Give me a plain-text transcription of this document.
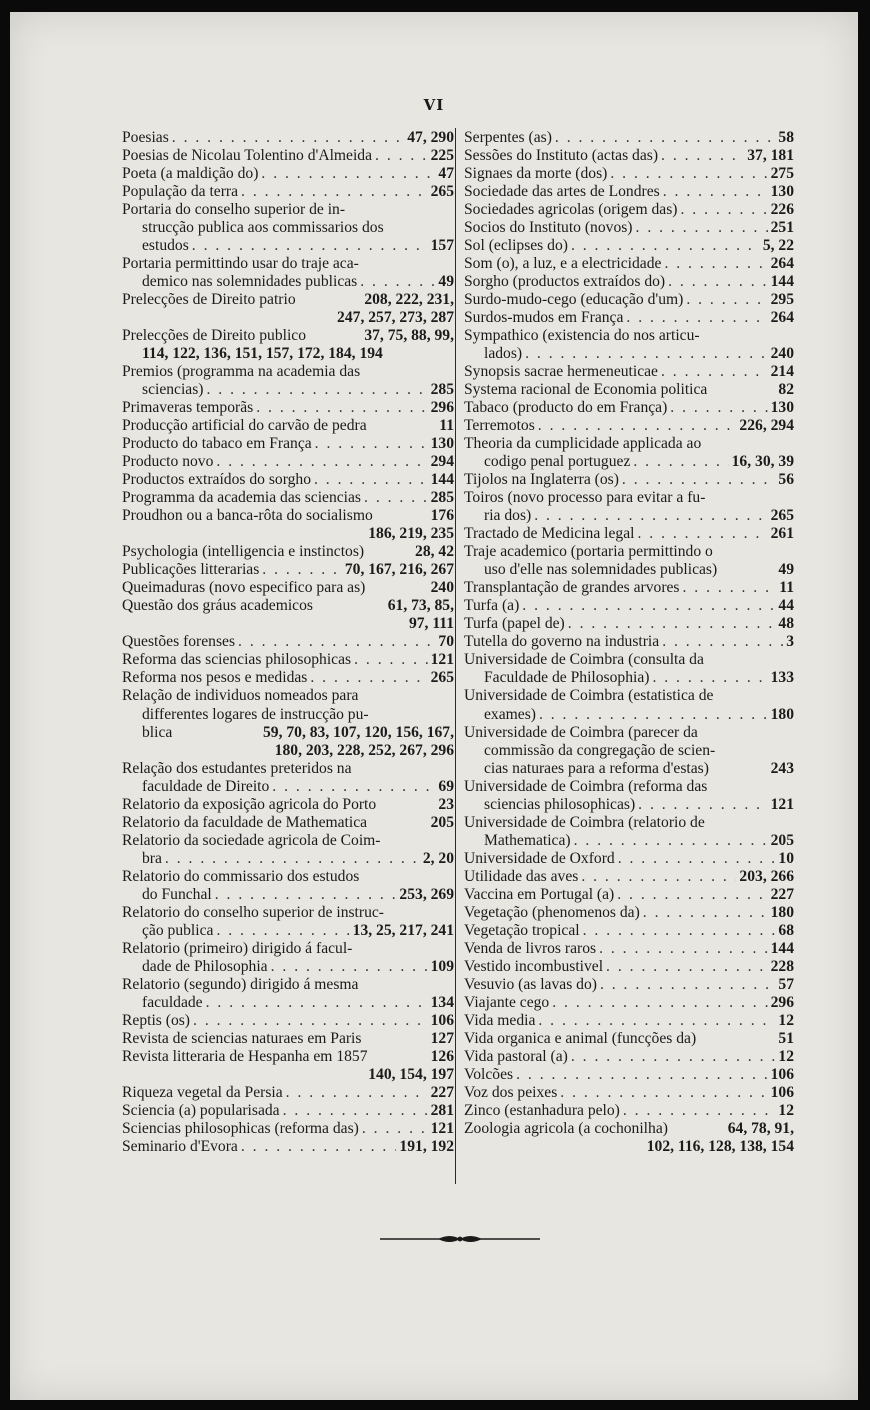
VI
Poesias . . .	47, 290
Poesias de Nicolau Tolentino d'Almeida . . .	225
Poeta (a maldição do) . . .	47
População da terra . . .	265
Portaria do conselho superior de in-
strucção publica aos commissarios dos
estudos . . .	157
Portaria permittindo usar do traje aca-
demico nas solemnidades publicas . . .	49
Prelecções de Direito patrio	208, 222, 231,
247, 257, 273, 287
Prelecções de Direito publico	37, 75, 88, 99,
114, 122, 136, 151, 157, 172, 184, 194
Premios (programma na academia das
sciencias) . . .	285
Primaveras temporãs . . .	296
Producção artificial do carvão de pedra	11
Producto do tabaco em França . . .	130
Producto novo . . .	294
Productos extraídos do sorgho . . .	144
Programma da academia das sciencias . . .	285
Proudhon ou a banca-rôta do socialismo	176
186, 219, 235
Psychologia (intelligencia e instinctos)	28, 42
Publicações litterarias . . .	70, 167, 216, 267
Queimaduras (novo especifico para as)	240
Questão dos gráus academicos	61, 73, 85,
97, 111
Questões forenses . . .	70
Reforma das sciencias philosophicas . . .	121
Reforma nos pesos e medidas . . .	265
Relação de individuos nomeados para
differentes logares de instrucção pu-
blica	59, 70, 83, 107, 120, 156, 167,
180, 203, 228, 252, 267, 296
Relação dos estudantes preteridos na
faculdade de Direito . . .	69
Relatorio da exposição agricola do Porto	23
Relatorio da faculdade de Mathematica	205
Relatorio da sociedade agricola de Coim-
bra . . .	2, 20
Relatorio do commissario dos estudos
do Funchal . . .	253, 269
Relatorio do conselho superior de instruc-
ção publica . . .	13, 25, 217, 241
Relatorio (primeiro) dirigido á facul-
dade de Philosophia . . .	109
Relatorio (segundo) dirigido á mesma
faculdade . . .	134
Reptis (os) . . .	106
Revista de sciencias naturaes em Paris	127
Revista litteraria de Hespanha em 1857	126
140, 154, 197
Riqueza vegetal da Persia . . .	227
Sciencia (a) popularisada . . .	281
Sciencias philosophicas (reforma das) . . .	121
Seminario d'Evora . . .	191, 192
Serpentes (as) . . .	58
Sessões do Instituto (actas das) . . .	37, 181
Signaes da morte (dos) . . .	275
Sociedade das artes de Londres . . .	130
Sociedades agricolas (origem das) . . .	226
Socios do Instituto (novos) . . .	251
Sol (eclipses do) . . .	5, 22
Som (o), a luz, e a electricidade . . .	264
Sorgho (productos extraídos do) . . .	144
Surdo-mudo-cego (educação d'um) . . .	295
Surdos-mudos em França . . .	264
Sympathico (existencia do nos articu-
lados) . . .	240
Synopsis sacrae hermeneuticae . . .	214
Systema racional de Economia politica	82
Tabaco (producto do em França) . . .	130
Terremotos . . .	226, 294
Theoria da cumplicidade applicada ao
codigo penal portuguez . . .	16, 30, 39
Tijolos na Inglaterra (os) . . .	56
Toiros (novo processo para evitar a fu-
ria dos) . . .	265
Tractado de Medicina legal . . .	261
Traje academico (portaria permittindo o
uso d'elle nas solemnidades publicas)	49
Transplantação de grandes arvores . . .	11
Turfa (a) . . .	44
Turfa (papel de) . . .	48
Tutella do governo na industria . . .	3
Universidade de Coimbra (consulta da
Faculdade de Philosophia) . . .	133
Universidade de Coimbra (estatistica de
exames) . . .	180
Universidade de Coimbra (parecer da
commissão da congregação de scien-
cias naturaes para a reforma d'estas)	243
Universidade de Coimbra (reforma das
sciencias philosophicas) . . .	121
Universidade de Coimbra (relatorio de
Mathematica) . . .	205
Universidade de Oxford . . .	10
Utilidade das aves . . .	203, 266
Vaccina em Portugal (a) . . .	227
Vegetação (phenomenos da) . . .	180
Vegetação tropical . . .	68
Venda de livros raros . . .	144
Vestido incombustivel . . .	228
Vesuvio (as lavas do) . . .	57
Viajante cego . . .	296
Vida media . . .	12
Vida organica e animal (funcções da)	51
Vida pastoral (a) . . .	12
Volcões . . .	106
Voz dos peixes . . .	106
Zinco (estanhadura pelo) . . .	12
Zoologia agricola (a cochonilha)	64, 78, 91,
102, 116, 128, 138, 154
